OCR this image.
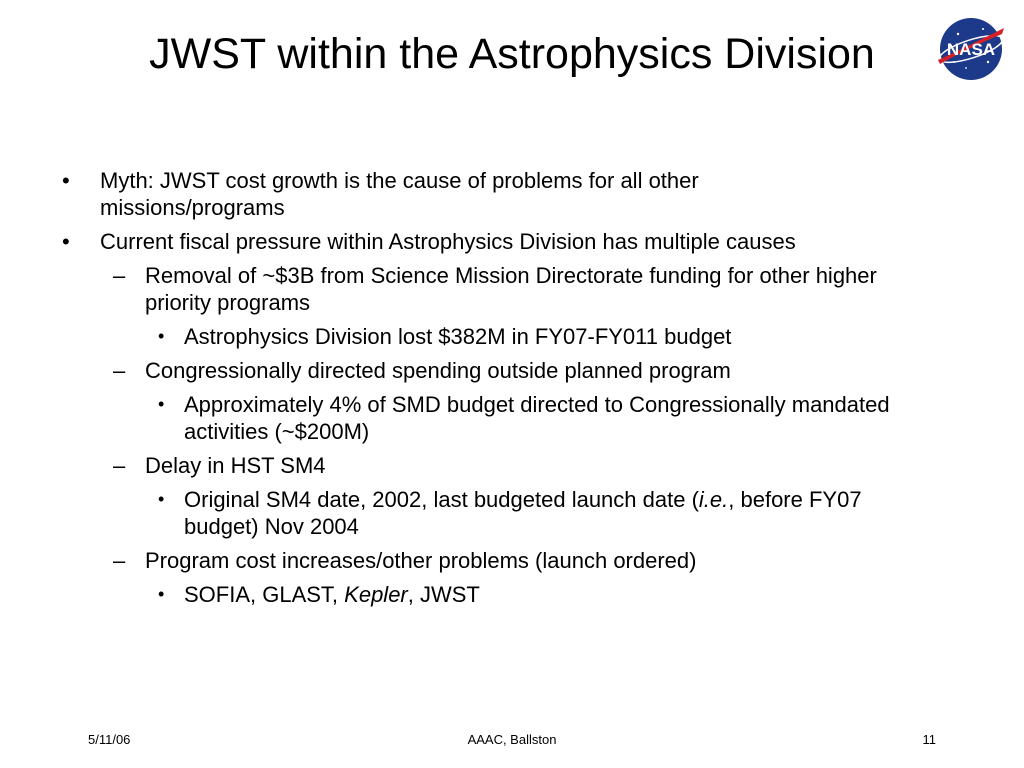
JWST within the Astrophysics Division	NASA
• Myth: JWST cost growth is the cause of problems for all other missions/programs
• Current fiscal pressure within Astrophysics Division has multiple causes
– Removal of ~$3B from Science Mission Directorate funding for other higher priority programs
• Astrophysics Division lost $382M in FY07-FY011 budget
– Congressionally directed spending outside planned program
• Approximately 4% of SMD budget directed to Congressionally mandated activities (~$200M)
– Delay in HST SM4
• Original SM4 date, 2002, last budgeted launch date (i.e., before FY07 budget) Nov 2004
– Program cost increases/other problems (launch ordered)
• SOFIA, GLAST, Kepler, JWST
5/11/06	AAAC, Ballston	11
